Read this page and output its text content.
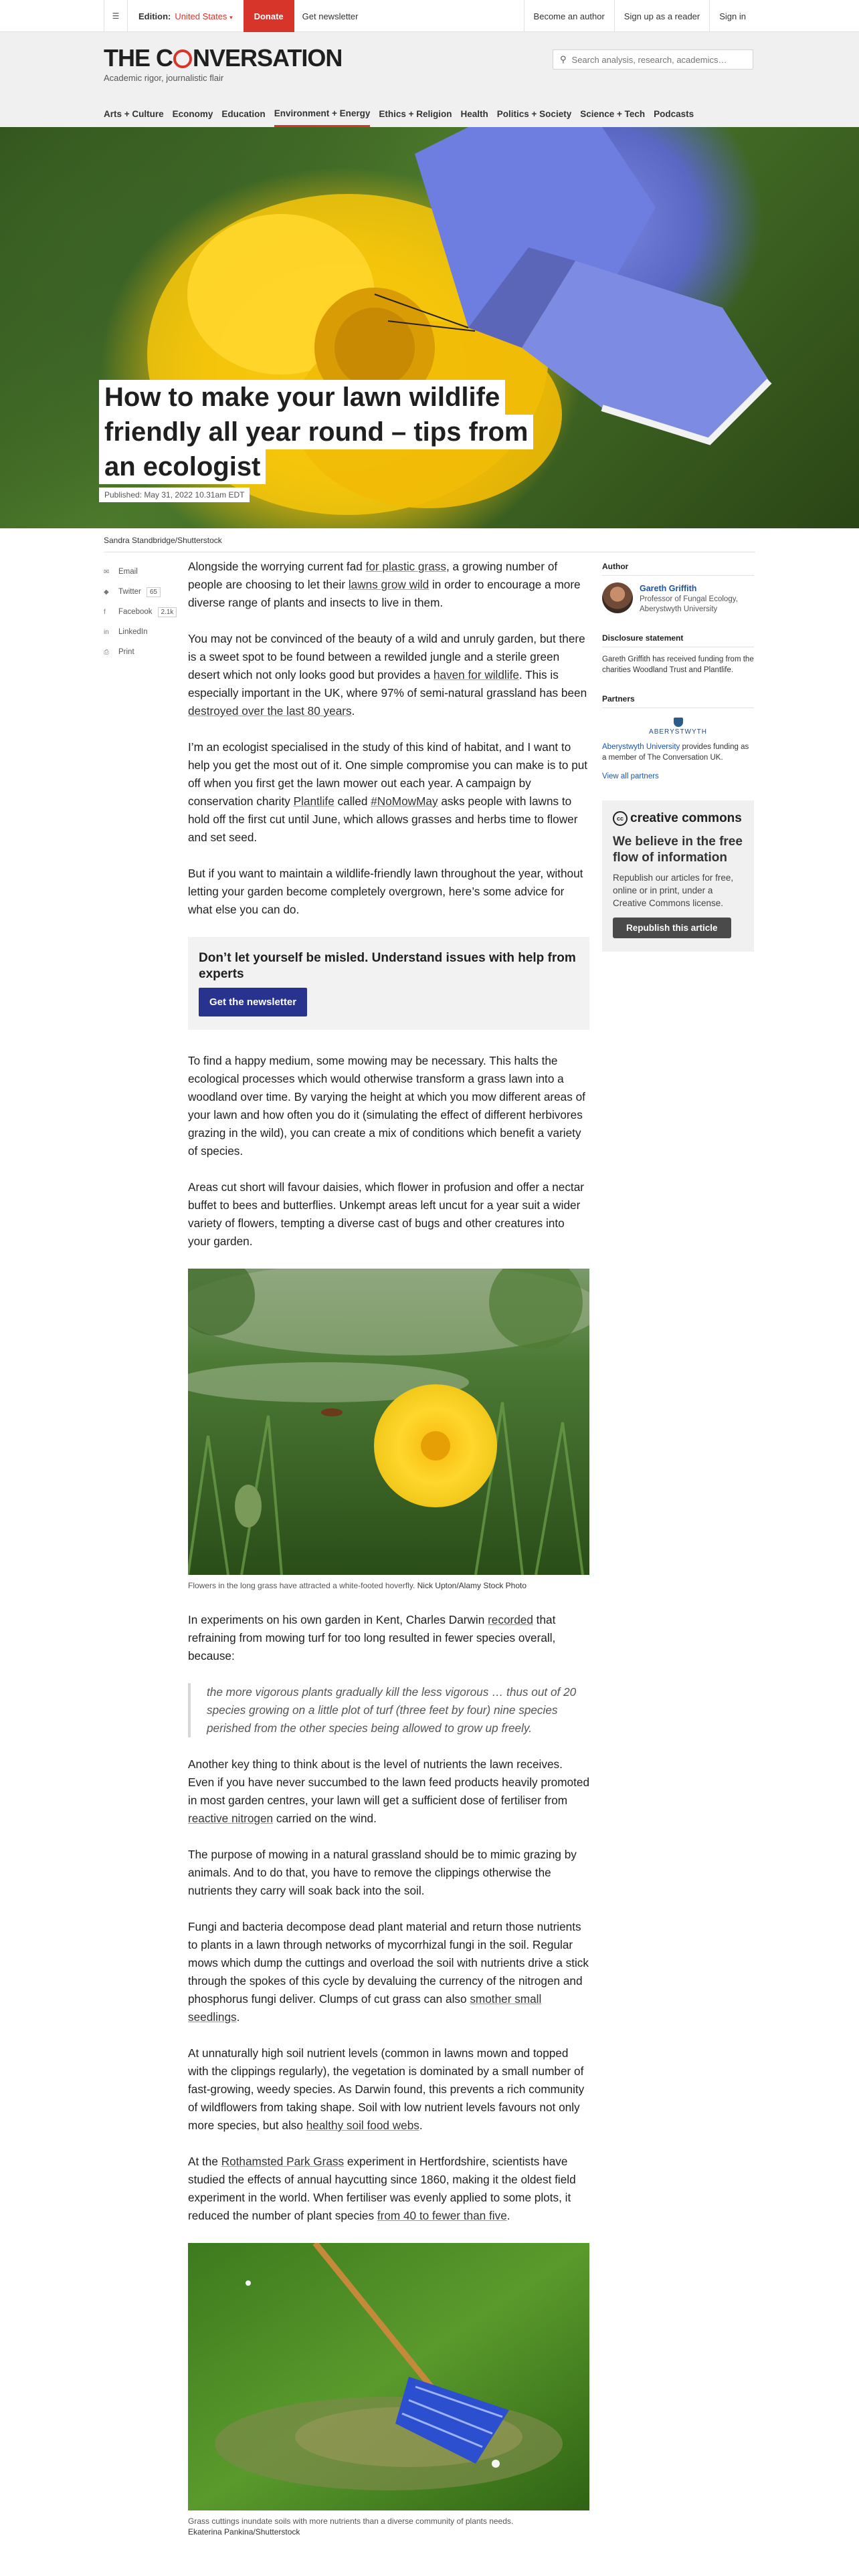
☰	Edition: United States ▾	Donate	Get newsletter	Become an author	Sign up as a reader	Sign in
THE C NVERSATION
Academic rigor, journalistic flair
⚲
Search analysis, research, academics…
Arts + Culture Economy Education Environment + Energy Ethics + Religion Health Politics + Society Science + Tech Podcasts
How to make your lawn wildlife
friendly all year round – tips from
an ecologist
Published: May 31, 2022 10.31am EDT
Sandra Standbridge/Shutterstock
✉	Email
◆	Twitter	65
f	Facebook	2.1k
in	LinkedIn
⎙	Print

Alongside the worrying current fad for plastic grass, a growing number of people are choosing to let their lawns grow wild in order to encourage a more diverse range of plants and insects to live in them.

You may not be convinced of the beauty of a wild and unruly garden, but there is a sweet spot to be found between a rewilded jungle and a sterile green desert which not only looks good but provides a haven for wildlife. This is especially important in the UK, where 97% of semi-natural grassland has been destroyed over the last 80 years.

I’m an ecologist specialised in the study of this kind of habitat, and I want to help you get the most out of it. One simple compromise you can make is to put off when you first get the lawn mower out each year. A campaign by conservation charity Plantlife called #NoMowMay asks people with lawns to hold off the first cut until June, which allows grasses and herbs time to flower and set seed.

But if you want to maintain a wildlife-friendly lawn throughout the year, without letting your garden become completely overgrown, here’s some advice for what else you can do.

Don’t let yourself be misled. Understand issues with help from experts
Get the newsletter

To find a happy medium, some mowing may be necessary. This halts the ecological processes which would otherwise transform a grass lawn into a woodland over time. By varying the height at which you mow different areas of your lawn and how often you do it (simulating the effect of different herbivores grazing in the wild), you can create a mix of conditions which benefit a variety of species.

Areas cut short will favour daisies, which flower in profusion and offer a nectar buffet to bees and butterflies. Unkempt areas left uncut for a year suit a wider variety of flowers, tempting a diverse cast of bugs and other creatures into your garden.

Flowers in the long grass have attracted a white-footed hoverfly. Nick Upton/Alamy Stock Photo

In experiments on his own garden in Kent, Charles Darwin recorded that refraining from mowing turf for too long resulted in fewer species overall, because:

the more vigorous plants gradually kill the less vigorous … thus out of 20 species growing on a little plot of turf (three feet by four) nine species perished from the other species being allowed to grow up freely.

Another key thing to think about is the level of nutrients the lawn receives. Even if you have never succumbed to the lawn feed products heavily promoted in most garden centres, your lawn will get a sufficient dose of fertiliser from reactive nitrogen carried on the wind.

The purpose of mowing in a natural grassland should be to mimic grazing by animals. And to do that, you have to remove the clippings otherwise the nutrients they carry will soak back into the soil.

Fungi and bacteria decompose dead plant material and return those nutrients to plants in a lawn through networks of mycorrhizal fungi in the soil. Regular mows which dump the cuttings and overload the soil with nutrients drive a stick through the spokes of this cycle by devaluing the currency of the nitrogen and phosphorus fungi deliver. Clumps of cut grass can also smother small seedlings.

At unnaturally high soil nutrient levels (common in lawns mown and topped with the clippings regularly), the vegetation is dominated by a small number of fast-growing, weedy species. As Darwin found, this prevents a rich community of wildflowers from taking shape. Soil with low nutrient levels favours not only more species, but also healthy soil food webs.

At the Rothamsted Park Grass experiment in Hertfordshire, scientists have studied the effects of annual haycutting since 1860, making it the oldest field experiment in the world. When fertiliser was evenly applied to some plots, it reduced the number of plant species from 40 to fewer than five.

Grass cuttings inundate soils with more nutrients than a diverse community of plants needs.
Ekaterina Pankina/Shutterstock
Author
Gareth Griffith
Professor of Fungal Ecology, Aberystwyth University
Disclosure statement
Gareth Griffith has received funding from the charities Woodland Trust and Plantlife.
Partners
ABERYSTWYTH
Aberystwyth University provides funding as a member of The Conversation UK.
View all partners
cc creative commons
We believe in the free flow of information
Republish our articles for free, online or in print, under a Creative Commons license.
Republish this article
